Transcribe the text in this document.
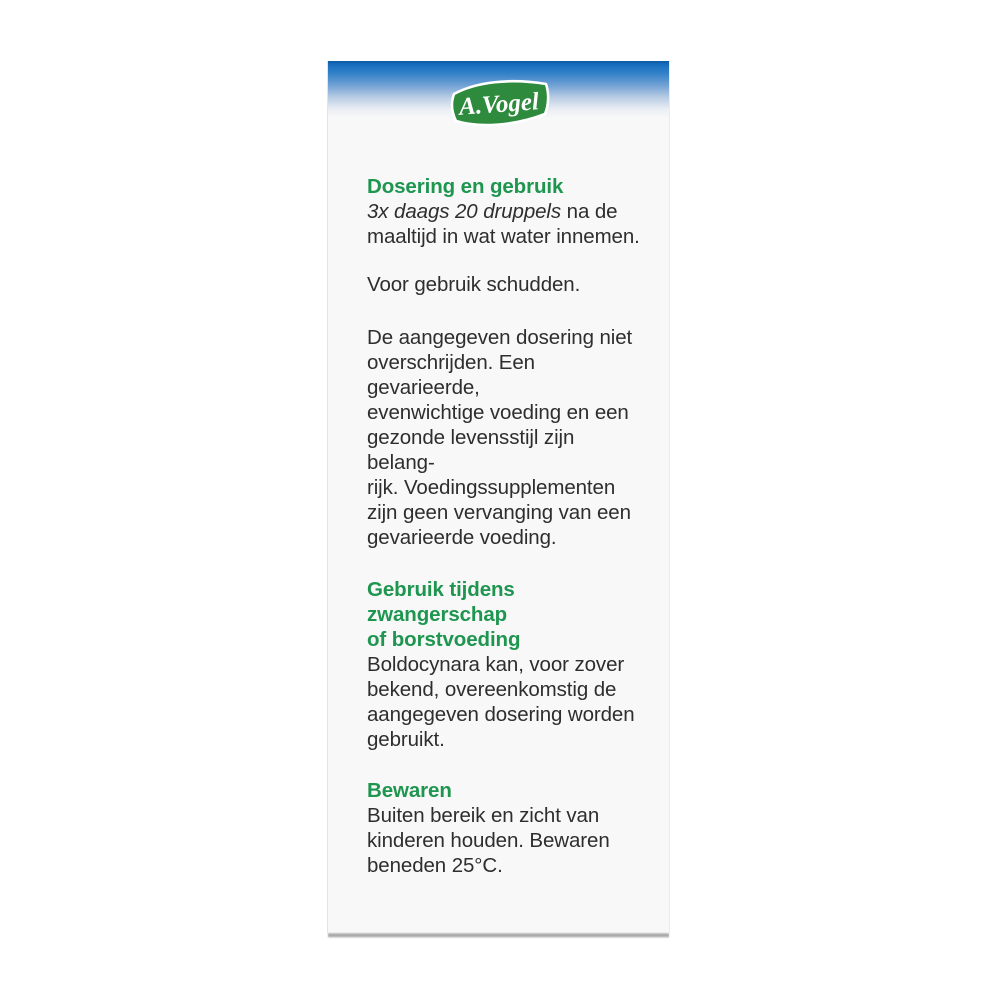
A.Vogel
Dosering en gebruik
3x daags 20 druppels na de
maaltijd in wat water innemen.
Voor gebruik schudden.
De aangegeven dosering niet
overschrijden. Een gevarieerde,
evenwichtige voeding en een
gezonde levensstijl zijn belang-
rijk. Voedingssupplementen
zijn geen vervanging van een
gevarieerde voeding.
Gebruik tijdens zwangerschap
of borstvoeding
Boldocynara kan, voor zover
bekend, overeenkomstig de
aangegeven dosering worden
gebruikt.
Bewaren
Buiten bereik en zicht van
kinderen houden. Bewaren
beneden 25°C.
